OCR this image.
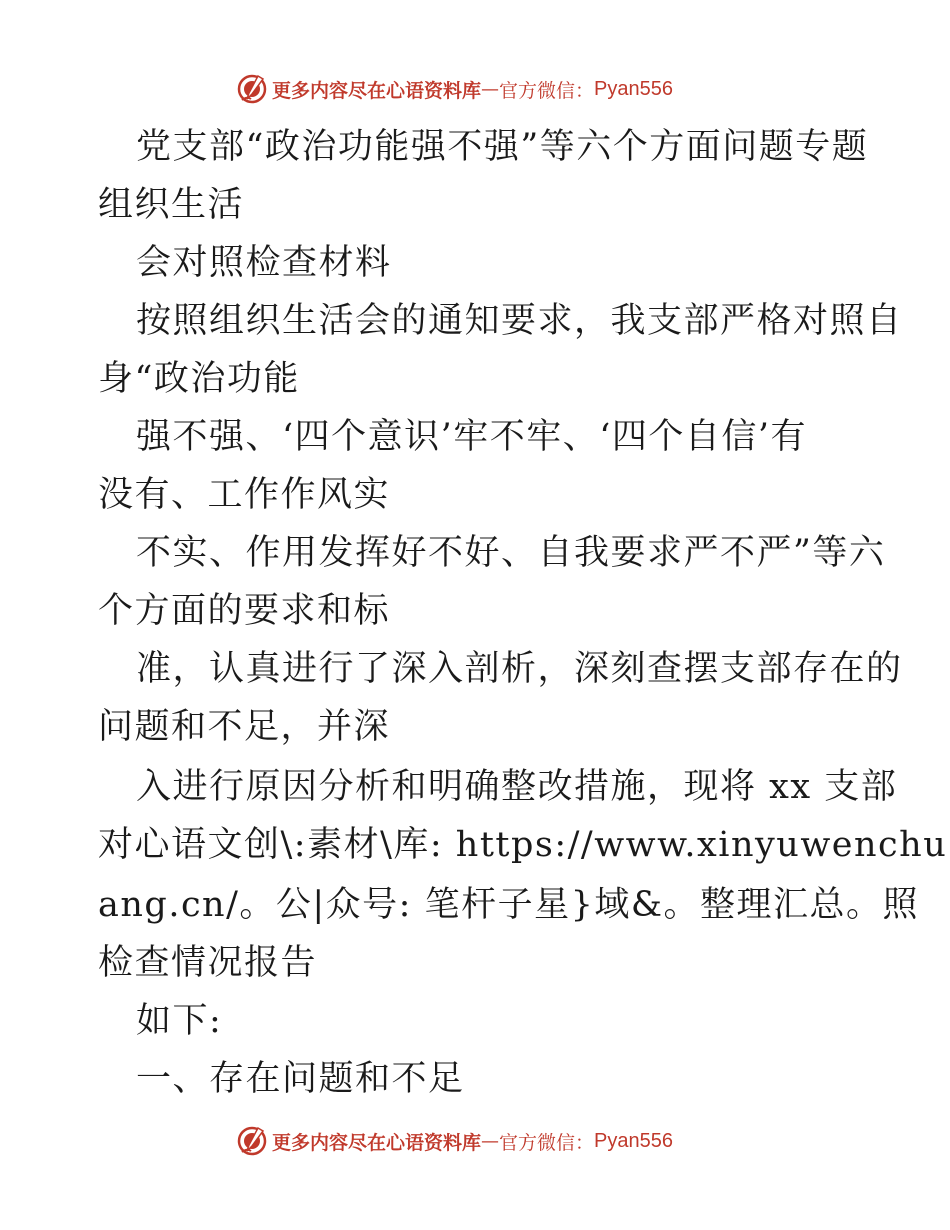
更多内容尽在心语资料库 — 官方微信： Pyan556
党支部“政治功能强不强”等六个方面问题专题
组织生活
会对照检查材料
按照组织生活会的通知要求，我支部严格对照自
身“政治功能
强不强、‘四个意识’牢不牢、‘四个自信’有
没有、工作作风实
不实、作用发挥好不好、自我要求严不严”等六
个方面的要求和标
准，认真进行了深入剖析，深刻查摆支部存在的
问题和不足，并深
入进行原因分析和明确整改措施，现将 xx 支部
对心语文创\:素材\库: https://www.xinyuwenchu
ang.cn/。公|众号: 笔杆子星}域&。整理汇总。照
检查情况报告
如下:
一、存在问题和不足
更多内容尽在心语资料库 — 官方微信： Pyan556
